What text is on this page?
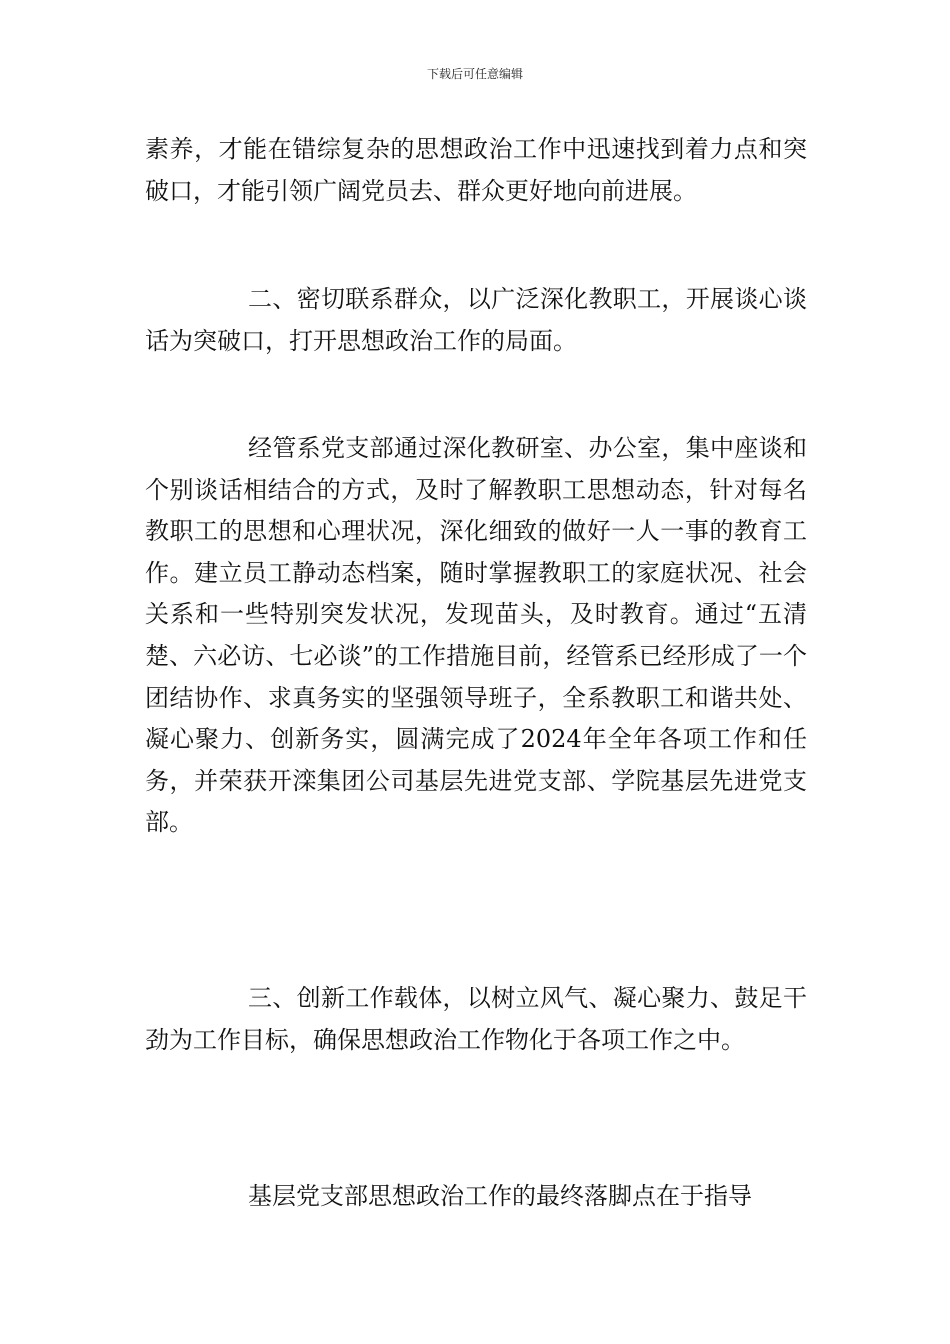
下载后可任意编辑

素养，才能在错综复杂的思想政治工作中迅速找到着力点和突破口，才能引领广阔党员去、群众更好地向前进展。

二、密切联系群众，以广泛深化教职工，开展谈心谈话为突破口，打开思想政治工作的局面。

经管系党支部通过深化教研室、办公室，集中座谈和个别谈话相结合的方式，及时了解教职工思想动态，针对每名教职工的思想和心理状况，深化细致的做好一人一事的教育工作。建立员工静动态档案，随时掌握教职工的家庭状况、社会关系和一些特别突发状况，发现苗头，及时教育。通过“五清楚、六必访、七必谈”的工作措施目前，经管系已经形成了一个团结协作、求真务实的坚强领导班子，全系教职工和谐共处、凝心聚力、创新务实，圆满完成了2024年全年各项工作和任务，并荣获开滦集团公司基层先进党支部、学院基层先进党支部。

三、创新工作载体，以树立风气、凝心聚力、鼓足干劲为工作目标，确保思想政治工作物化于各项工作之中。

基层党支部思想政治工作的最终落脚点在于指导
